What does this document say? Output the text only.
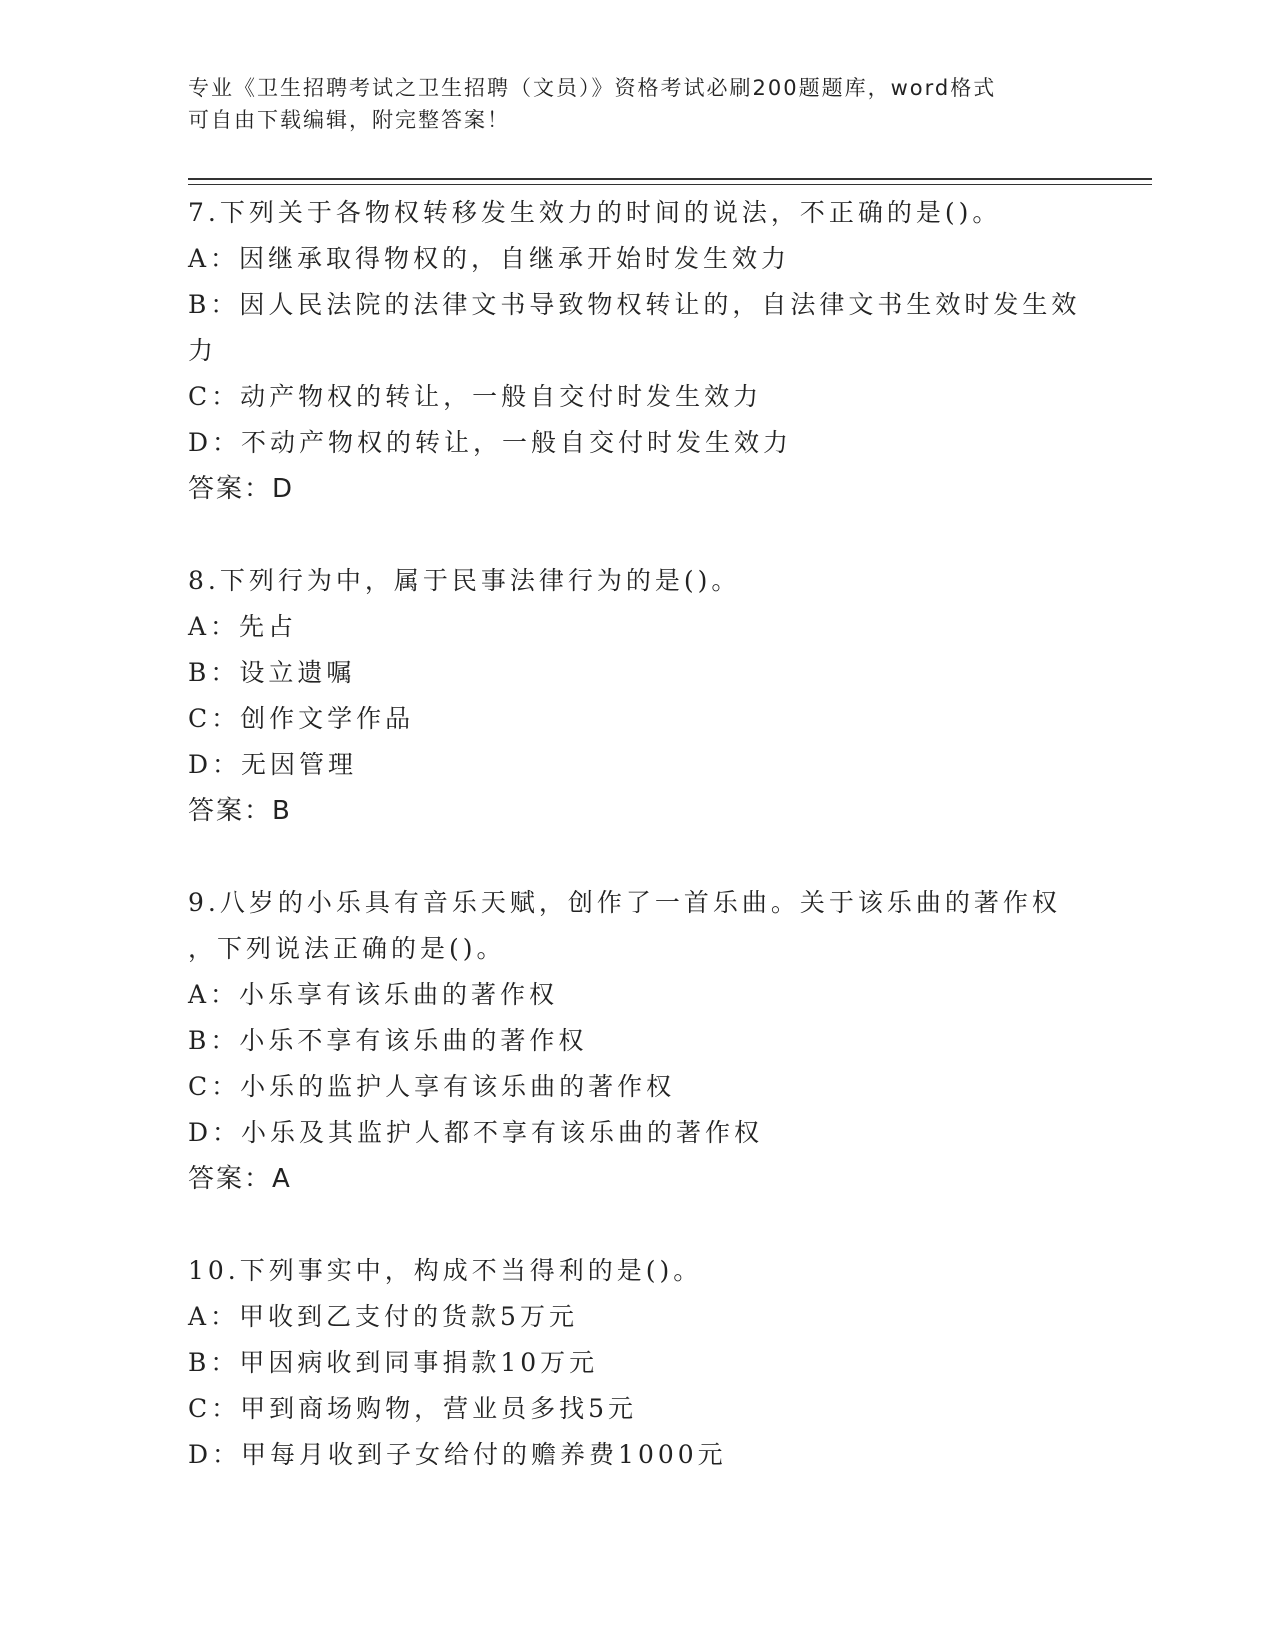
专业《卫生招聘考试之卫生招聘（文员）》资格考试必刷200题题库，word格式
可自由下载编辑，附完整答案！
7.下列关于各物权转移发生效力的时间的说法，不正确的是()。
A：因继承取得物权的，自继承开始时发生效力
B：因人民法院的法律文书导致物权转让的，自法律文书生效时发生效
力
C：动产物权的转让，一般自交付时发生效力
D：不动产物权的转让，一般自交付时发生效力
答案：D
8.下列行为中，属于民事法律行为的是()。
A：先占
B：设立遗嘱
C：创作文学作品
D：无因管理
答案：B
9.八岁的小乐具有音乐天赋，创作了一首乐曲。关于该乐曲的著作权
，下列说法正确的是()。
A：小乐享有该乐曲的著作权
B：小乐不享有该乐曲的著作权
C：小乐的监护人享有该乐曲的著作权
D：小乐及其监护人都不享有该乐曲的著作权
答案：A
10.下列事实中，构成不当得利的是()。
A：甲收到乙支付的货款5万元
B：甲因病收到同事捐款10万元
C：甲到商场购物，营业员多找5元
D：甲每月收到子女给付的赡养费1000元
